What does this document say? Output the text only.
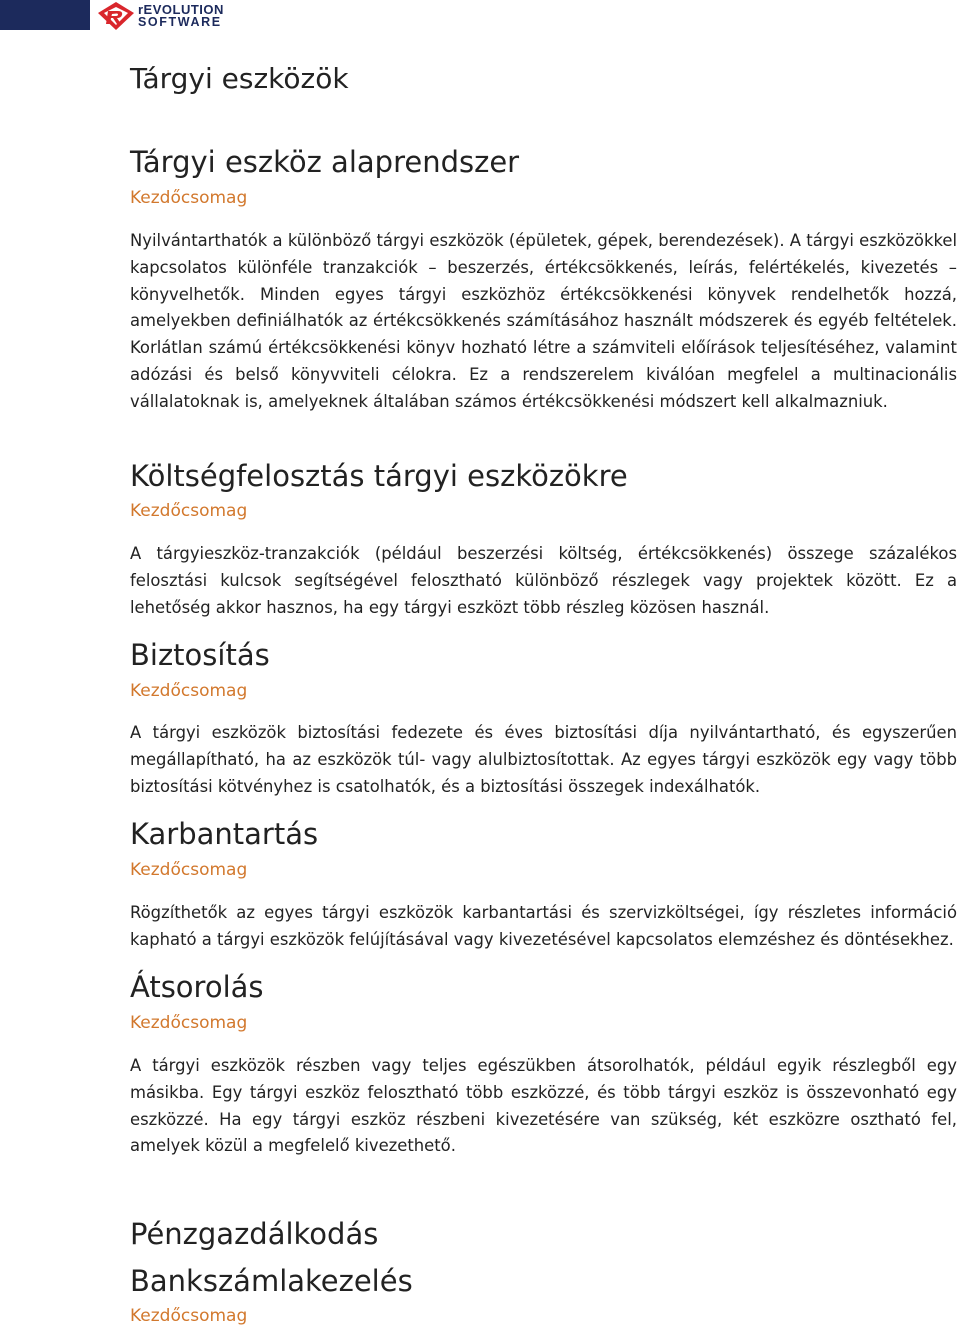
rEVOLUTION
SOFTWARE
Tárgyi eszközök
Tárgyi eszköz alaprendszer
Kezdőcsomag

Nyilvántarthatók a különböző tárgyi eszközök (épületek, gépek, berendezések). A tárgyi eszközökkel kapcsolatos különféle tranzakciók – beszerzés, értékcsökkenés, leírás, felértékelés, kivezetés – könyvelhetők. Minden egyes tárgyi eszközhöz értékcsökkenési könyvek rendelhetők hozzá, amelyekben definiálhatók az értékcsökkenés számításához használt módszerek és egyéb feltételek. Korlátlan számú értékcsökkenési könyv hozható létre a számviteli előírások teljesítéséhez, valamint adózási és belső könyvviteli célokra. Ez a rendszerelem kiválóan megfelel a multinacionális vállalatoknak is, amelyeknek általában számos értékcsökkenési módszert kell alkalmazniuk.

Költségfelosztás tárgyi eszközökre
Kezdőcsomag

A tárgyieszköz-tranzakciók (például beszerzési költség, értékcsökkenés) összege százalékos felosztási kulcsok segítségével felosztható különböző részlegek vagy projektek között. Ez a lehetőség akkor hasznos, ha egy tárgyi eszközt több részleg közösen használ.

Biztosítás
Kezdőcsomag

A tárgyi eszközök biztosítási fedezete és éves biztosítási díja nyilvántartható, és egyszerűen megállapítható, ha az eszközök túl- vagy alulbiztosítottak. Az egyes tárgyi eszközök egy vagy több biztosítási kötvényhez is csatolhatók, és a biztosítási összegek indexálhatók.

Karbantartás
Kezdőcsomag

Rögzíthetők az egyes tárgyi eszközök karbantartási és szervizköltségei, így részletes információ kapható a tárgyi eszközök felújításával vagy kivezetésével kapcsolatos elemzéshez és döntésekhez.

Átsorolás
Kezdőcsomag

A tárgyi eszközök részben vagy teljes egészükben átsorolhatók, például egyik részlegből egy másikba. Egy tárgyi eszköz felosztható több eszközzé, és több tárgyi eszköz is összevonható egy eszközzé. Ha egy tárgyi eszköz részbeni kivezetésére van szükség, két eszközre osztható fel, amelyek közül a megfelelő kivezethető.

Pénzgazdálkodás
Bankszámlakezelés
Kezdőcsomag
